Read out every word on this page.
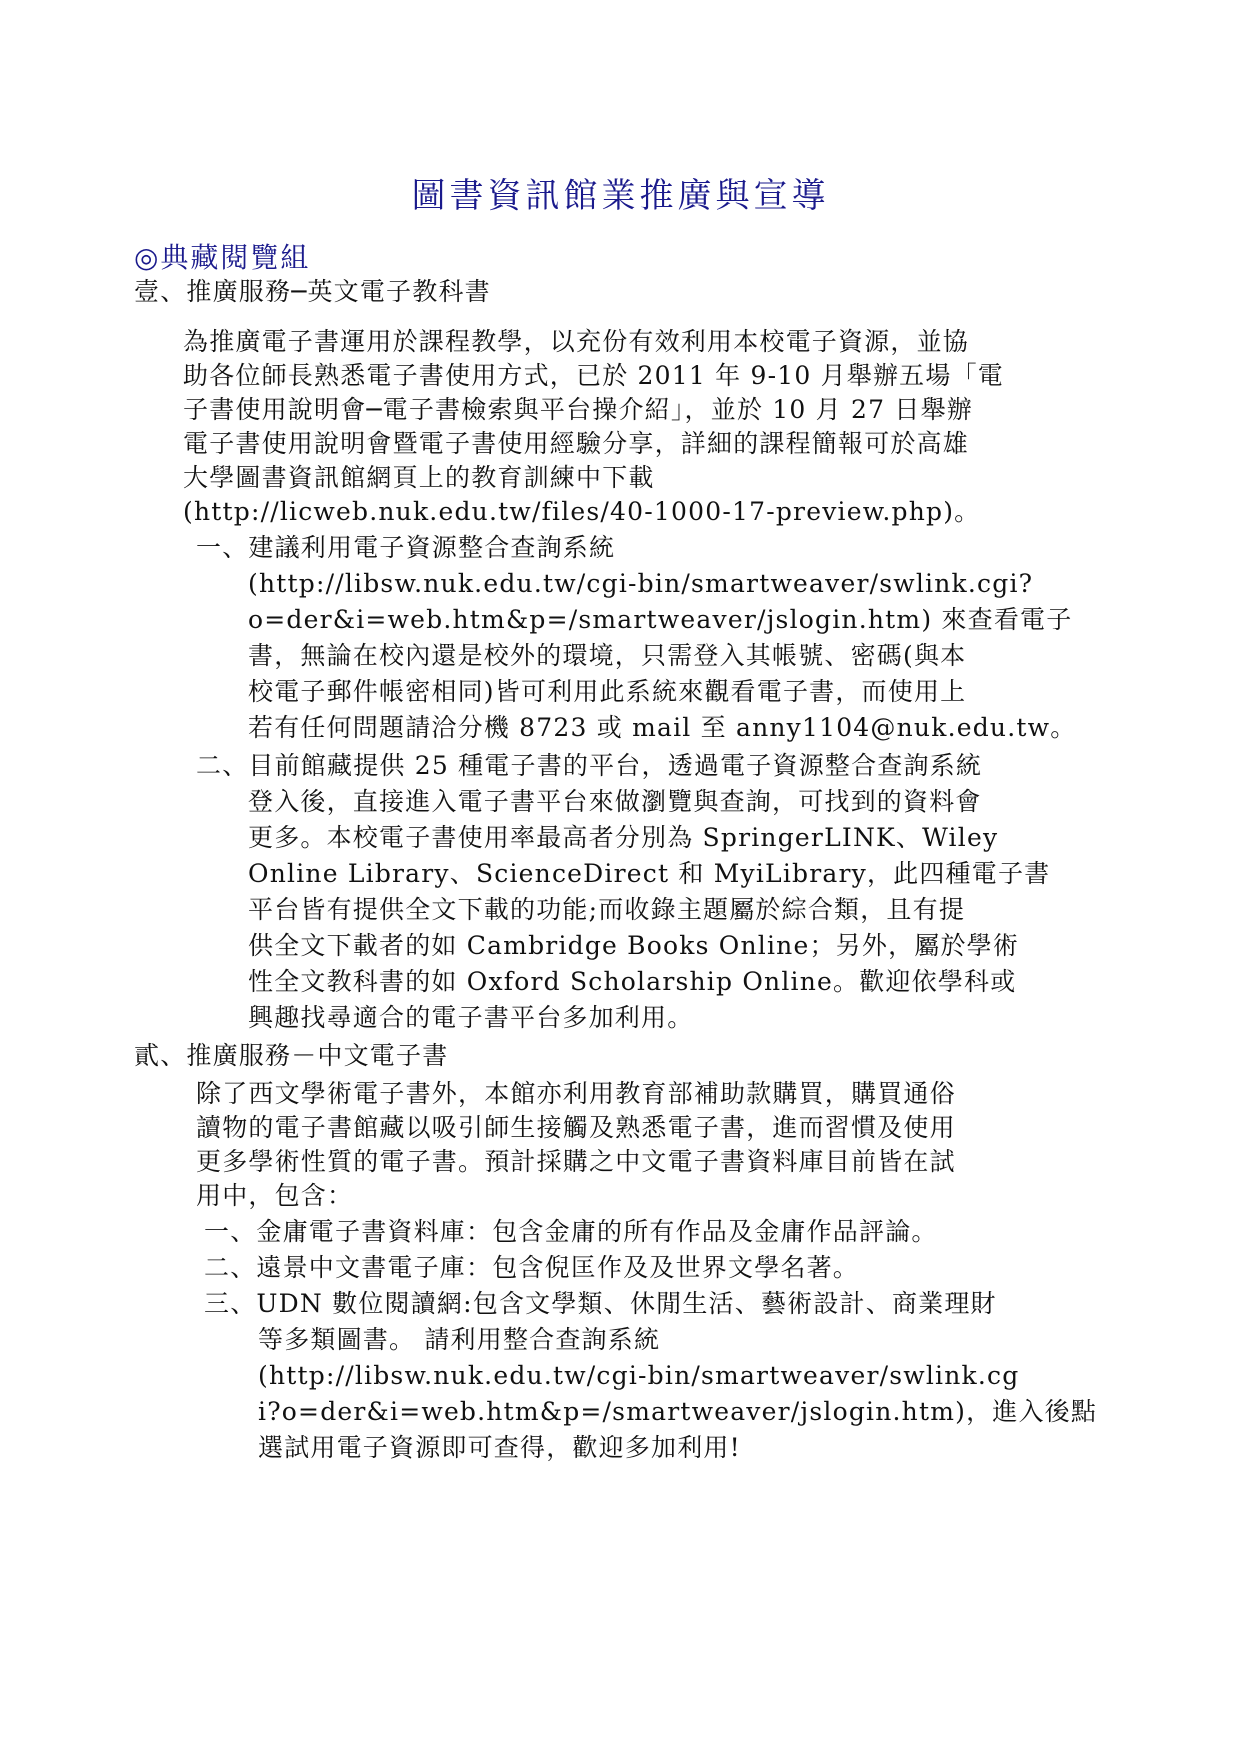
圖書資訊館業推廣與宣導
◎典藏閱覽組
壹、推廣服務─英文電子教科書
為推廣電子書運用於課程教學，以充份有效利用本校電子資源，並協
助各位師長熟悉電子書使用方式，已於 2011 年 9-10 月舉辦五場「電
子書使用說明會─電子書檢索與平台操介紹」，並於 10 月 27 日舉辦
電子書使用說明會暨電子書使用經驗分享，詳細的課程簡報可於高雄
大學圖書資訊館網頁上的教育訓練中下載
(http://licweb.nuk.edu.tw/files/40-1000-17-preview.php)。
一、建議利用電子資源整合查詢系統
(http://libsw.nuk.edu.tw/cgi-bin/smartweaver/swlink.cgi?
o=der&i=web.htm&p=/smartweaver/jslogin.htm) 來查看電子
書，無論在校內還是校外的環境，只需登入其帳號、密碼(與本
校電子郵件帳密相同)皆可利用此系統來觀看電子書，而使用上
若有任何問題請洽分機 8723 或 mail 至 anny1104@nuk.edu.tw。
二、目前館藏提供 25 種電子書的平台，透過電子資源整合查詢系統
登入後，直接進入電子書平台來做瀏覽與查詢，可找到的資料會
更多。本校電子書使用率最高者分別為 SpringerLINK、Wiley
Online Library、ScienceDirect 和 MyiLibrary，此四種電子書
平台皆有提供全文下載的功能;而收錄主題屬於綜合類，且有提
供全文下載者的如 Cambridge Books Online；另外，屬於學術
性全文教科書的如 Oxford Scholarship Online。歡迎依學科或
興趣找尋適合的電子書平台多加利用。
貳、推廣服務－中文電子書
除了西文學術電子書外，本館亦利用教育部補助款購買，購買通俗
讀物的電子書館藏以吸引師生接觸及熟悉電子書，進而習慣及使用
更多學術性質的電子書。預計採購之中文電子書資料庫目前皆在試
用中，包含：
一、金庸電子書資料庫：包含金庸的所有作品及金庸作品評論。
二、遠景中文書電子庫：包含倪匡作及及世界文學名著。
三、UDN 數位閱讀網:包含文學類、休閒生活、藝術設計、商業理財
等多類圖書。 請利用整合查詢系統
(http://libsw.nuk.edu.tw/cgi-bin/smartweaver/swlink.cg
i?o=der&i=web.htm&p=/smartweaver/jslogin.htm)，進入後點
選試用電子資源即可查得，歡迎多加利用!
